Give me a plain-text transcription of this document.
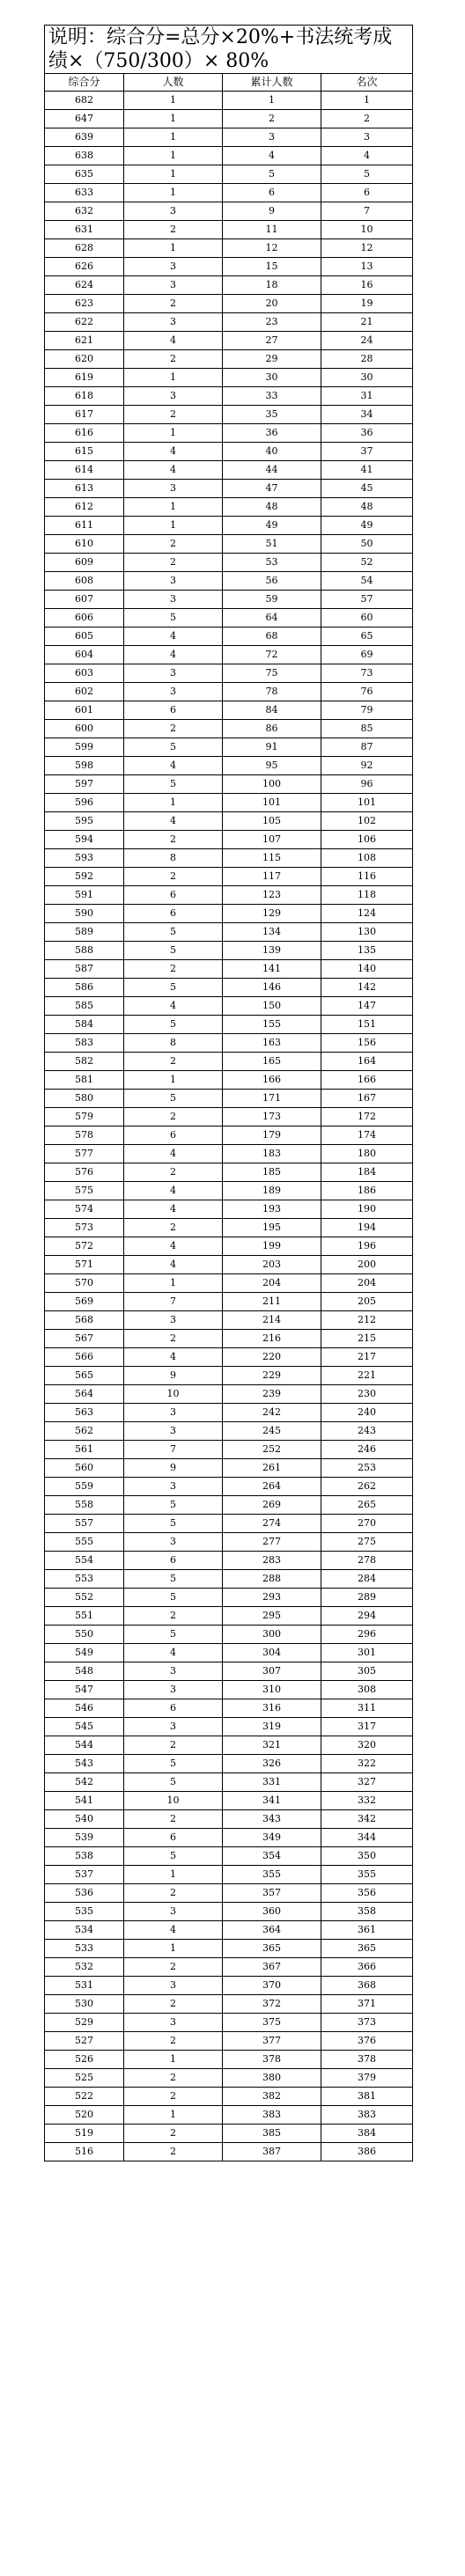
说明：综合分=总分×20%+书法统考成
绩×（750/300）× 80%			

综合分	人数	累计人数	名次
682	1	1	1
647	1	2	2
639	1	3	3
638	1	4	4
635	1	5	5
633	1	6	6
632	3	9	7
631	2	11	10
628	1	12	12
626	3	15	13
624	3	18	16
623	2	20	19
622	3	23	21
621	4	27	24
620	2	29	28
619	1	30	30
618	3	33	31
617	2	35	34
616	1	36	36
615	4	40	37
614	4	44	41
613	3	47	45
612	1	48	48
611	1	49	49
610	2	51	50
609	2	53	52
608	3	56	54
607	3	59	57
606	5	64	60
605	4	68	65
604	4	72	69
603	3	75	73
602	3	78	76
601	6	84	79
600	2	86	85
599	5	91	87
598	4	95	92
597	5	100	96
596	1	101	101
595	4	105	102
594	2	107	106
593	8	115	108
592	2	117	116
591	6	123	118
590	6	129	124
589	5	134	130
588	5	139	135
587	2	141	140
586	5	146	142
585	4	150	147
584	5	155	151
583	8	163	156
582	2	165	164
581	1	166	166
580	5	171	167
579	2	173	172
578	6	179	174
577	4	183	180
576	2	185	184
575	4	189	186
574	4	193	190
573	2	195	194
572	4	199	196
571	4	203	200
570	1	204	204
569	7	211	205
568	3	214	212
567	2	216	215
566	4	220	217
565	9	229	221
564	10	239	230
563	3	242	240
562	3	245	243
561	7	252	246
560	9	261	253
559	3	264	262
558	5	269	265
557	5	274	270
555	3	277	275
554	6	283	278
553	5	288	284
552	5	293	289
551	2	295	294
550	5	300	296
549	4	304	301
548	3	307	305
547	3	310	308
546	6	316	311
545	3	319	317
544	2	321	320
543	5	326	322
542	5	331	327
541	10	341	332
540	2	343	342
539	6	349	344
538	5	354	350
537	1	355	355
536	2	357	356
535	3	360	358
534	4	364	361
533	1	365	365
532	2	367	366
531	3	370	368
530	2	372	371
529	3	375	373
527	2	377	376
526	1	378	378
525	2	380	379
522	2	382	381
520	1	383	383
519	2	385	384
516	2	387	386
